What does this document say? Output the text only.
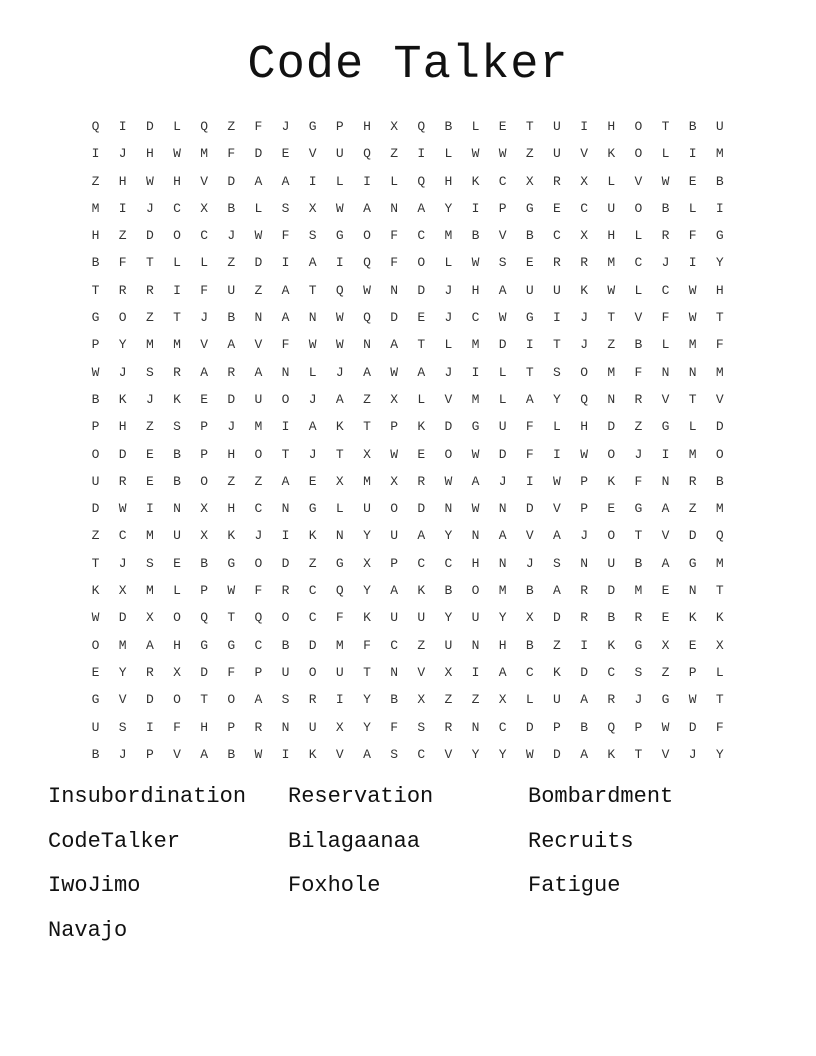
Code Talker
Q	I	D	L	Q	Z	F	J	G	P	H	X	Q	B	L	E	T	U	I	H	O	T	B	U
I	J	H	W	M	F	D	E	V	U	Q	Z	I	L	W	W	Z	U	V	K	O	L	I	M
Z	H	W	H	V	D	A	A	I	L	I	L	Q	H	K	C	X	R	X	L	V	W	E	B
M	I	J	C	X	B	L	S	X	W	A	N	A	Y	I	P	G	E	C	U	O	B	L	I
H	Z	D	O	C	J	W	F	S	G	O	F	C	M	B	V	B	C	X	H	L	R	F	G
B	F	T	L	L	Z	D	I	A	I	Q	F	O	L	W	S	E	R	R	M	C	J	I	Y
T	R	R	I	F	U	Z	A	T	Q	W	N	D	J	H	A	U	U	K	W	L	C	W	H
G	O	Z	T	J	B	N	A	N	W	Q	D	E	J	C	W	G	I	J	T	V	F	W	T
P	Y	M	M	V	A	V	F	W	W	N	A	T	L	M	D	I	T	J	Z	B	L	M	F
W	J	S	R	A	R	A	N	L	J	A	W	A	J	I	L	T	S	O	M	F	N	N	M
B	K	J	K	E	D	U	O	J	A	Z	X	L	V	M	L	A	Y	Q	N	R	V	T	V
P	H	Z	S	P	J	M	I	A	K	T	P	K	D	G	U	F	L	H	D	Z	G	L	D
O	D	E	B	P	H	O	T	J	T	X	W	E	O	W	D	F	I	W	O	J	I	M	O
U	R	E	B	O	Z	Z	A	E	X	M	X	R	W	A	J	I	W	P	K	F	N	R	B
D	W	I	N	X	H	C	N	G	L	U	O	D	N	W	N	D	V	P	E	G	A	Z	M
Z	C	M	U	X	K	J	I	K	N	Y	U	A	Y	N	A	V	A	J	O	T	V	D	Q
T	J	S	E	B	G	O	D	Z	G	X	P	C	C	H	N	J	S	N	U	B	A	G	M
K	X	M	L	P	W	F	R	C	Q	Y	A	K	B	O	M	B	A	R	D	M	E	N	T
W	D	X	O	Q	T	Q	O	C	F	K	U	U	Y	U	Y	X	D	R	B	R	E	K	K
O	M	A	H	G	G	C	B	D	M	F	C	Z	U	N	H	B	Z	I	K	G	X	E	X
E	Y	R	X	D	F	P	U	O	U	T	N	V	X	I	A	C	K	D	C	S	Z	P	L
G	V	D	O	T	O	A	S	R	I	Y	B	X	Z	Z	X	L	U	A	R	J	G	W	T
U	S	I	F	H	P	R	N	U	X	Y	F	S	R	N	C	D	P	B	Q	P	W	D	F
B	J	P	V	A	B	W	I	K	V	A	S	C	V	Y	Y	W	D	A	K	T	V	J	Y
Insubordination	Reservation	Bombardment
CodeTalker	Bilagaanaa	Recruits
IwoJimo	Foxhole	Fatigue
Navajo
